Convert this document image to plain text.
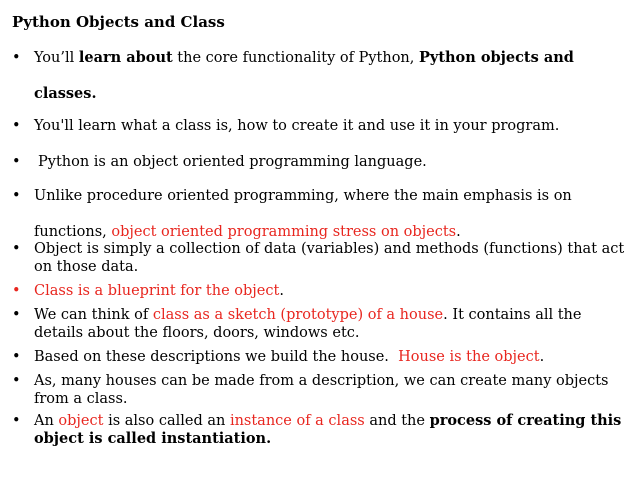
Python Objects and Class
• You’ll learn about the core functionality of Python, Python objects and classes.
• You'll learn what a class is, how to create it and use it in your program.
•	Python is an object oriented programming language.
• Unlike procedure oriented programming, where the main emphasis is on functions, object oriented programming stress on objects.
• Object is simply a collection of data (variables) and methods (functions) that act on those data.
• Class is a blueprint for the object.
• We can think of class as a sketch (prototype) of a house. It contains all the details about the floors, doors, windows etc.
• Based on these descriptions we build the house.  House is the object.
• As, many houses can be made from a description, we can create many objects from a class.
• An object is also called an instance of a class and the process of creating this object is called instantiation.
